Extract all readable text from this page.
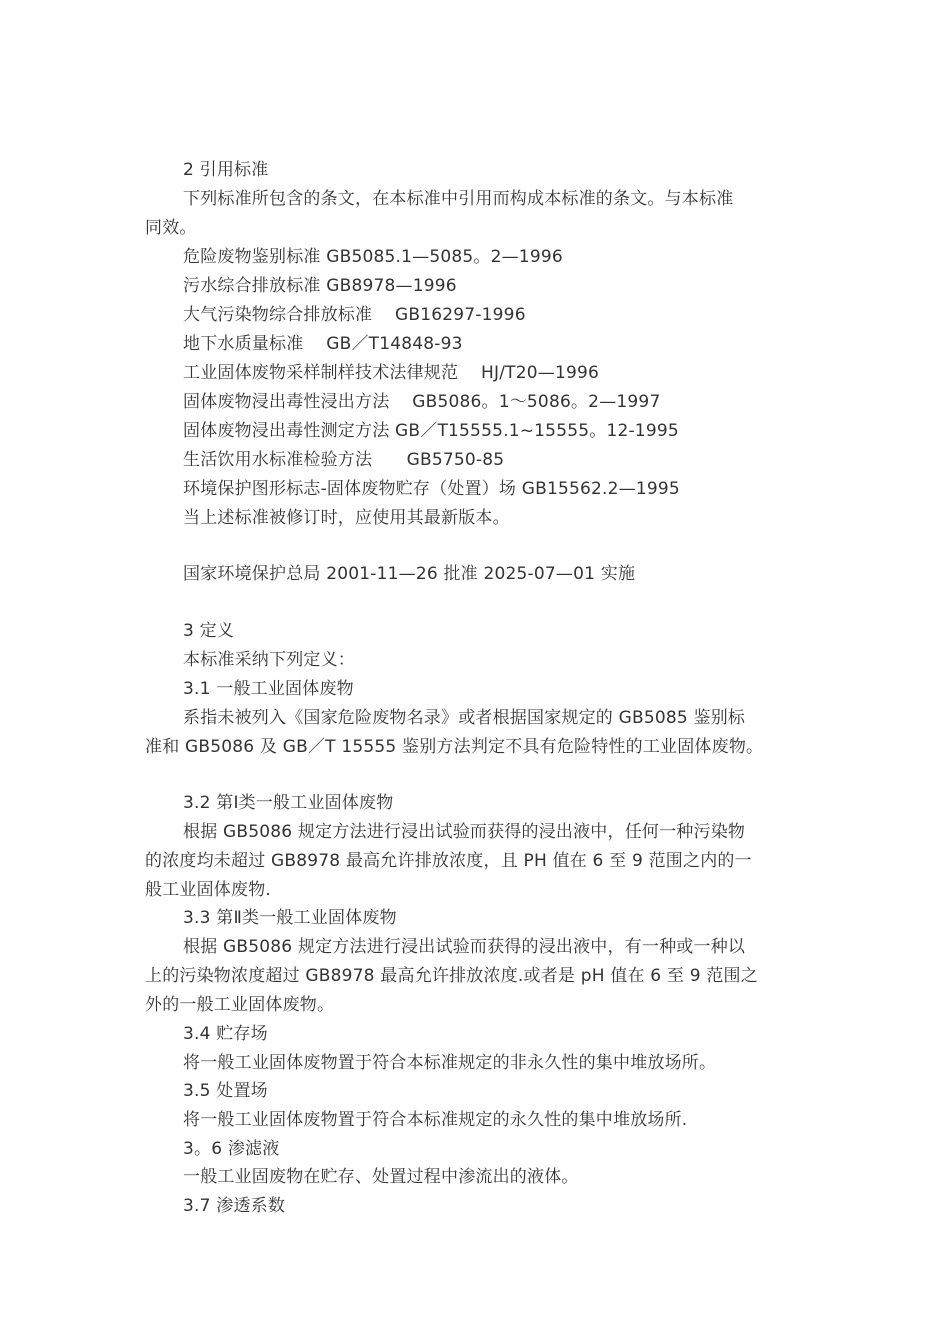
2 引用标准
下列标准所包含的条文，在本标准中引用而构成本标准的条文。与本标准
同效。
危险废物鉴别标准 GB5085.1—5085。2—1996
污水综合排放标准 GB8978—1996
大气污染物综合排放标准　 GB16297-1996
地下水质量标准　 GB／T14848-93
工业固体废物采样制样技术法律规范　 HJ/T20—1996
固体废物浸出毒性浸出方法　 GB5086。1～5086。2—1997
固体废物浸出毒性测定方法 GB／T15555.1~15555。12-1995
生活饮用水标准检验方法　　GB5750-85
环境保护图形标志-固体废物贮存（处置）场 GB15562.2—1995
当上述标准被修订时，应使用其最新版本。
国家环境保护总局 2001-11—26 批准 2025-07—01 实施
3 定义
本标准采纳下列定义：
3.1 一般工业固体废物
系指未被列入《国家危险废物名录》或者根据国家规定的 GB5085 鉴别标
准和 GB5086 及 GB／T 15555 鉴别方法判定不具有危险特性的工业固体废物。
3.2 第Ⅰ类一般工业固体废物
根据 GB5086 规定方法进行浸出试验而获得的浸出液中，任何一种污染物
的浓度均未超过 GB8978 最高允许排放浓度，且 PH 值在 6 至 9 范围之内的一
般工业固体废物.
3.3 第Ⅱ类一般工业固体废物
根据 GB5086 规定方法进行浸出试验而获得的浸出液中，有一种或一种以
上的污染物浓度超过 GB8978 最高允许排放浓度.或者是 pH 值在 6 至 9 范围之
外的一般工业固体废物。
3.4 贮存场
将一般工业固体废物置于符合本标准规定的非永久性的集中堆放场所。
3.5 处置场
将一般工业固体废物置于符合本标准规定的永久性的集中堆放场所.
3。6 渗滤液
一般工业固废物在贮存、处置过程中渗流出的液体。
3.7 渗透系数
